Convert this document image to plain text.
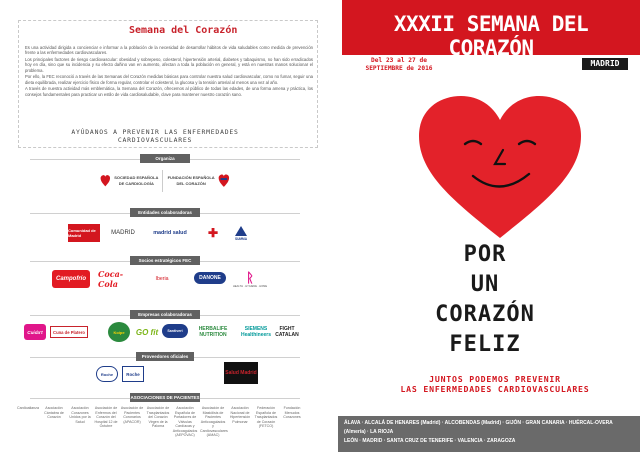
Semana del Corazón

Es una actividad dirigida a concienciar e informar a la población de la necesidad de desarrollar hábitos de vida saludables como medida de prevención frente a las enfermedades cardiovasculares.

Los principales factores de riesgo cardiovascular: obesidad y sobrepeso, colesterol, hipertensión arterial, diabetes y tabaquismo, no han sido erradicados hoy en día, sino que su incidencia y su efecto dañino van en aumento, afectan a toda la población en general, y está en nuestras manos solucionar el problema.

Por ello, la FEC reconoció a través de las Semanas del Corazón medidas básicas para controlar nuestra salud cardiovascular, como no fumar, seguir una dieta equilibrada, realizar ejercicio físico de forma regular, controlar el colesterol, la glucosa y la tensión arterial al menos una vez al año.

A través de nuestra actividad más emblemática, la Semana del Corazón, ofrecemos al público de todas las edades, de una forma amena y práctica, los consejos fundamentales para practicar un estilo de vida cardiosaludable, clave para mantener nuestro corazón sano.

AYÚDANOS A PREVENIR LAS ENFERMEDADES CARDIOVASCULARES
Organiza
SOCIEDAD ESPAÑOLA DE CARDIOLOGÍA
FUNDACIÓN ESPAÑOLA DEL CORAZÓN
Entidades colaboradoras
Comunidad de Madrid	MADRID	madrid salud ✚	SUMMA
Socios estratégicos FEC
Campofrío Coca-Cola	Iberia	DANONE ᚱ
HEALTH · HYGIENE · HOME
Empresas colaboradoras
Cuida't Cuna de Platero	Koipe GO fit	Santiveri	HERBALIFE NUTRITION
SIEMENS Healthineers
FIGHT CATALAN
Proveedores oficiales
Roche	Roche	Salud Madrid
ASOCIACIONES DE PACIENTES
Cardioalianza	Asociación Cántabra de Corazón
Asociación Corazones Unidos por la Salud
Asociación de Enfermos del Corazón del Hospital 12 de Octubre
Asociación de Pacientes Coronarios (APACOR)
Asociación de Trasplantados del Corazón Virgen de la Paloma
Asociación Española de Portadores de Válvulas Cardíacas y Anticoagulados (AEPOVAC)
Asociación de Mastólisis de Pacientes Anticoagulados y Cardiovasculares (AMAC)
Asociación Nacional de Hipertensión Pulmonar
Federación Española de Trasplantados de Corazón (FETCO)
Fundación Menudos Corazones
XXXII SEMANA DEL CORAZÓN
MADRID
Del 23 al 27 de
SEPTIEMBRE de 2016
POR
UN
CORAZÓN
FELIZ
JUNTOS PODEMOS PREVENIR
LAS ENFERMEDADES CARDIOVASCULARES
ÁLAVA · ALCALÁ DE HENARES (Madrid) · ALCOBENDAS (Madrid) · GIJÓN · GRAN CANARIA · HUÉRCAL-OVERA (Almería) · LA RIOJA
LEÓN · MADRID · SANTA CRUZ DE TENERIFE · VALENCIA · ZARAGOZA
